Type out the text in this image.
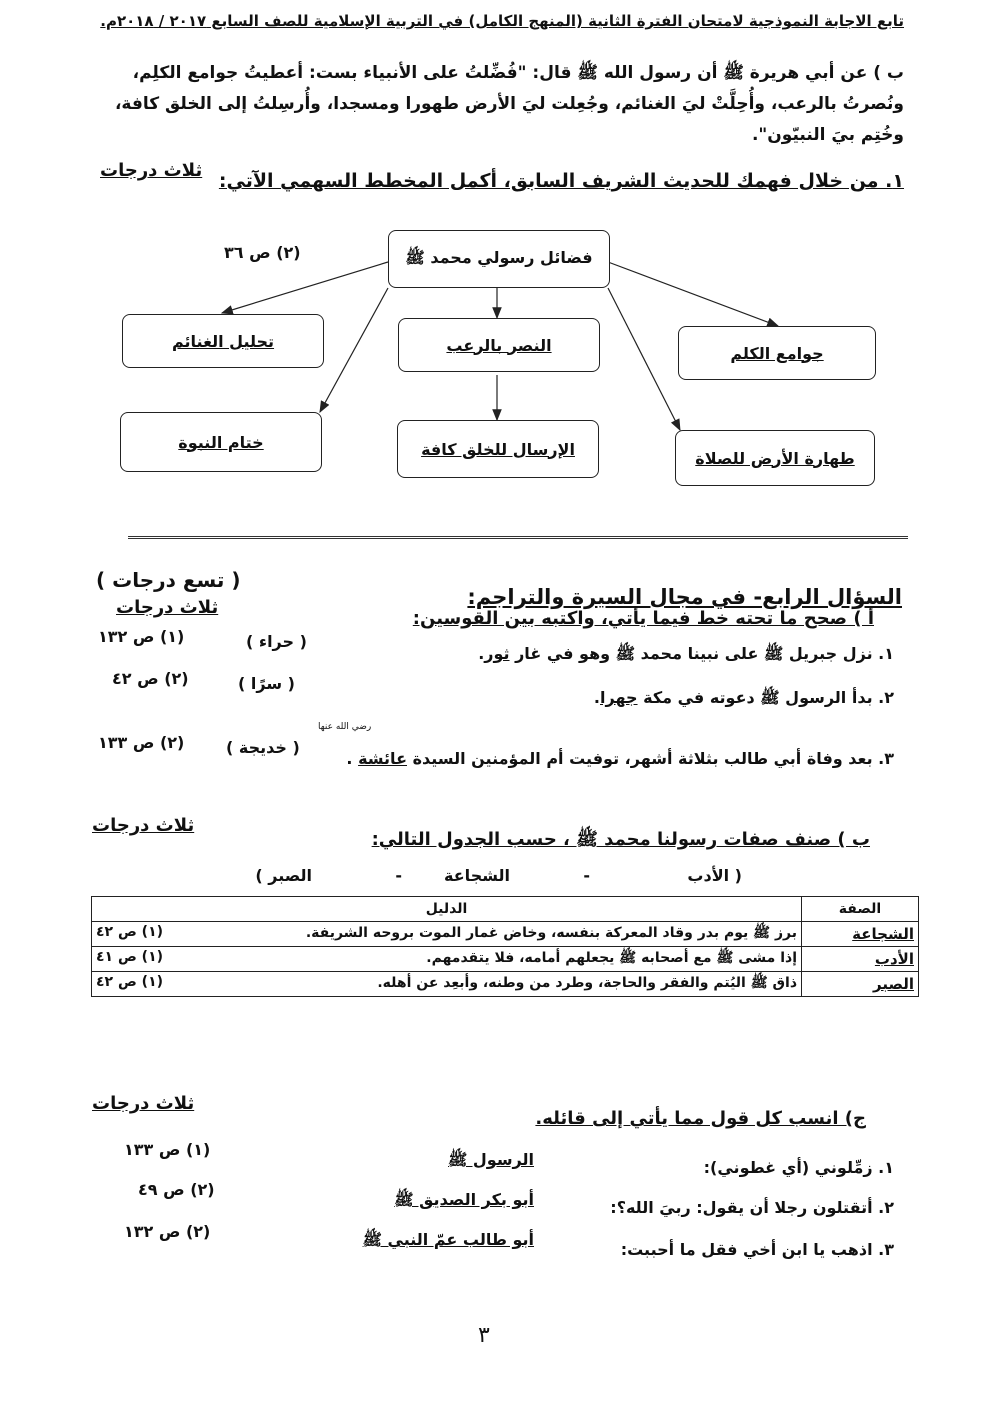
تابع الاجابة النموذجية لامتحان الفترة الثانية (المنهج الكامل) في التربية الإسلامية للصف السابع ٢٠١٧ / ٢٠١٨م.
ب ) عن أبي هريرة ﷺ أن رسول الله ﷺ قال: "فُضِّلتُ على الأنبياء بست: أعطيتُ جوامع الكلِم، ونُصرتُ بالرعب، وأُحِلَّتْ ليَ الغنائم، وجُعِلت ليَ الأرض طهورا ومسجدا، وأُرسِلتُ إلى الخلق كافة، وخُتِم بيَ النبيّون".
١. من خلال فهمك للحديث الشريف السابق، أكمل المخطط السهمي الآتي:
ثلاث درجات
(٢) ص ٣٦	فضائل رسولي محمد ﷺ
جوامع الكلم
النصر بالرعب
تحليل الغنائم
طهارة الأرض للصلاة
الإرسال للخلق كافة
ختام النبوة
السؤال الرابع- في مجال السيرة والتراجم:
( تسع درجات )
ثلاث درجات
أ ) صحح ما تحته خط فيما يأتي، واكتبه بين القوسين:
١. نزل جبريل ﷺ على نبينا محمد ﷺ وهو في غار ثور.
( حراء )
(١) ص ١٣٢
٢. بدأ الرسول ﷺ دعوته في مكة جهرا.
( سرًا )
(٢) ص ٤٢
٣. بعد وفاة أبي طالب بثلاثة أشهر، توفيت أم المؤمنين السيدة عائشة .
رضي الله عنها
( خديجة )
(٢) ص ١٣٣
ثلاث درجات
ب ) صنف صفات رسولنا محمد ﷺ ، حسب الجدول التالي:
( الأدب
-
الشجاعة
-
الصبر )
الصفة	الدليل
الشجاعة	برز ﷺ يوم بدر وقاد المعركة بنفسه، وخاض غمار الموت بروحه الشريفة.
(١) ص ٤٢

الأدب	إذا مشى ﷺ مع أصحابه ﷺ يجعلهم أمامه، فلا يتقدمهم.
(١) ص ٤١

الصبر	ذاق ﷺ اليُتم والفقر والحاجة، وطرد من وطنه، وأبعِد عن أهله.
(١) ص ٤٢
ثلاث درجات
ج) انسب كل قول مما يأتي إلى قائله.
١. زمِّلوني (أي غطوني):
الرسول ﷺ
(١) ص ١٣٣
٢. أتقتلون رجلا أن يقول: ربيَ الله؟:
أبو بكر الصديق ﷺ
(٢) ص ٤٩
٣. اذهب يا ابن أخي فقل ما أحببت:
أبو طالب عمّ النبي ﷺ
(٢) ص ١٣٢
٣
